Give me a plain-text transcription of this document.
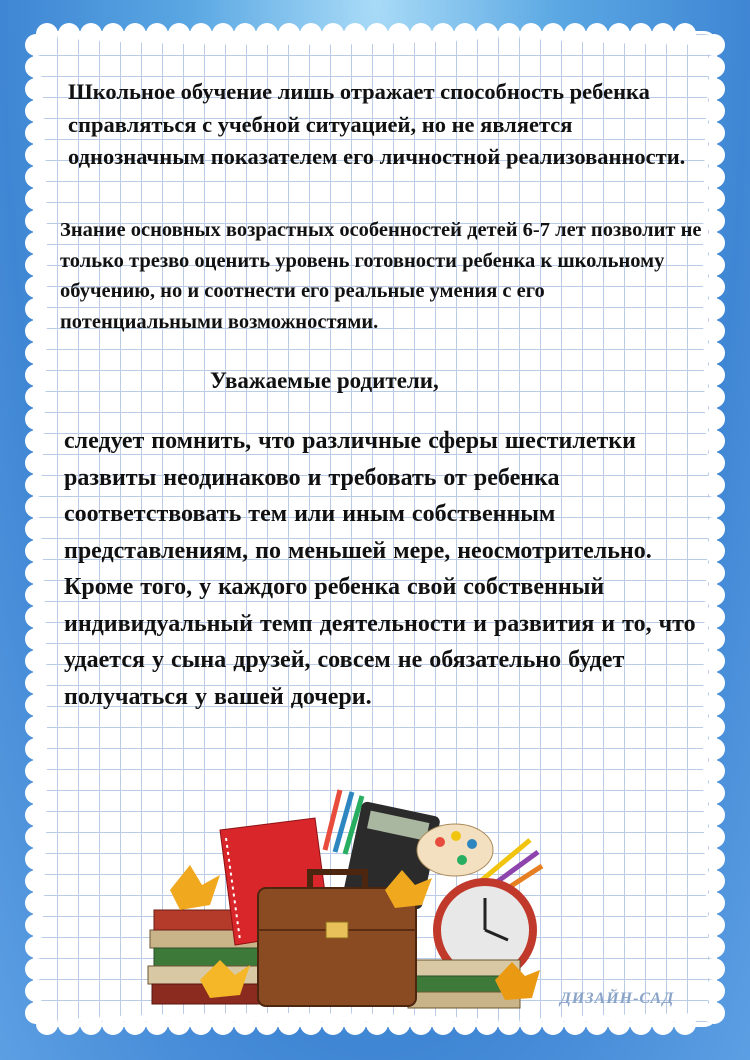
Школьное обучение лишь отражает способность ребенка справляться с учебной ситуацией, но не является однозначным показателем его личностной реализованности.

Знание основных возрастных особенностей детей 6-7 лет позволит не только трезво оценить уровень готовности ребенка к школьному обучению, но и соотнести его реальные умения с его потенциальными возможностями.

Уважаемые родители,

следует помнить, что различные сферы шестилетки развиты неодинаково и требовать от ребенка соответствовать тем или иным собственным представлениям, по меньшей мере, неосмотрительно. Кроме того, у каждого ребенка свой собственный индивидуальный темп деятельности и развития и то, что удается у сына друзей, совсем не обязательно будет получаться у вашей дочери.

ДИЗАЙН-САД
